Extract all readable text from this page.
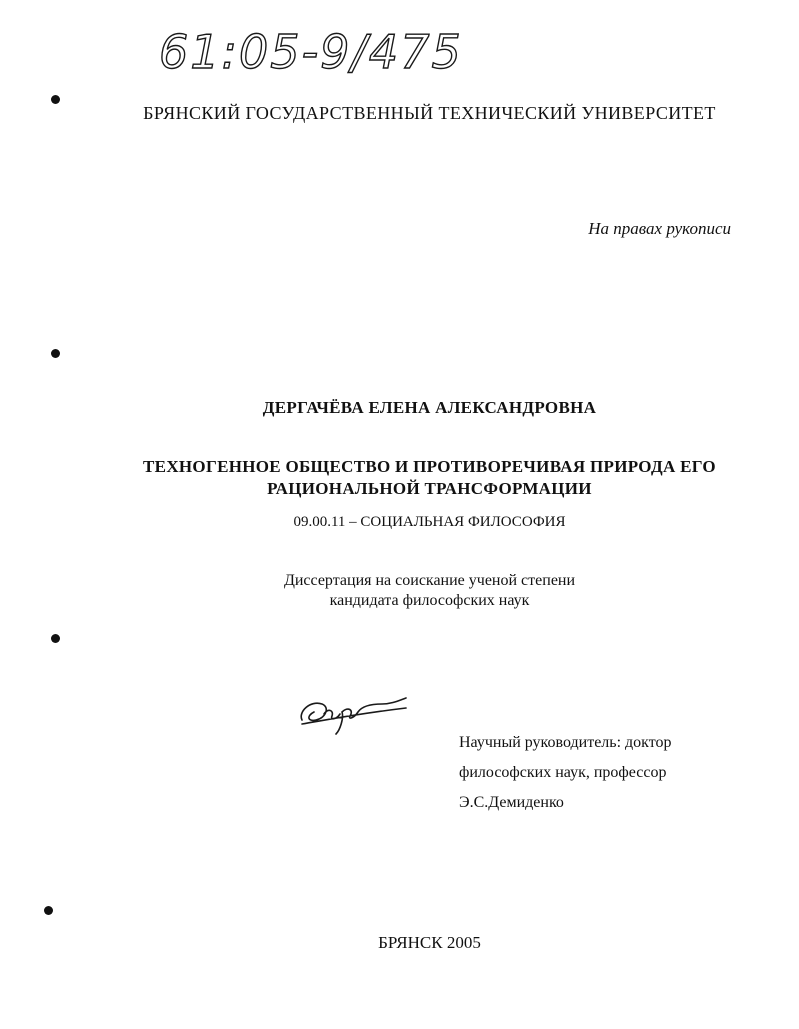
61:05-9/475
БРЯНСКИЙ ГОСУДАРСТВЕННЫЙ ТЕХНИЧЕСКИЙ УНИВЕРСИТЕТ
На правах рукописи
ДЕРГАЧЁВА ЕЛЕНА АЛЕКСАНДРОВНА
ТЕХНОГЕННОЕ ОБЩЕСТВО И ПРОТИВОРЕЧИВАЯ ПРИРОДА ЕГО
РАЦИОНАЛЬНОЙ ТРАНСФОРМАЦИИ
09.00.11 – СОЦИАЛЬНАЯ ФИЛОСОФИЯ
Диссертация на соискание ученой степени
кандидата философских наук
Научный руководитель: доктор
философских наук, профессор
Э.С.Демиденко
БРЯНСК 2005
